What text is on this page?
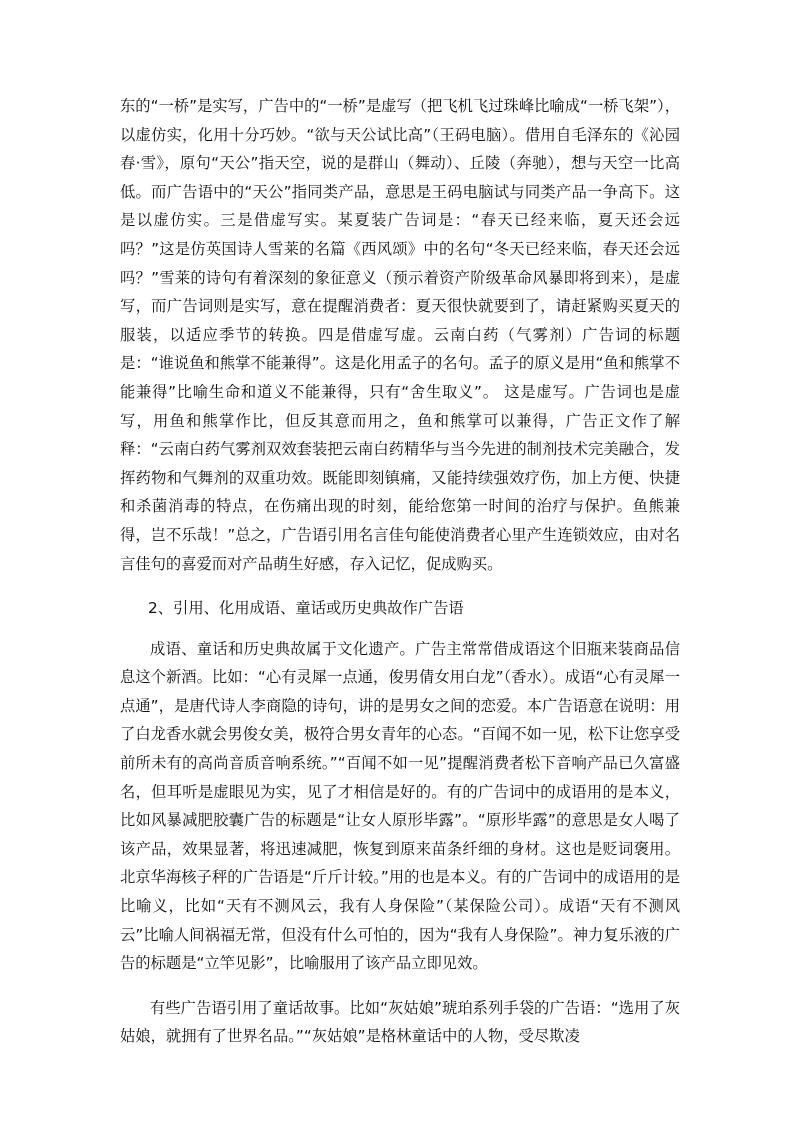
东的“一桥”是实写，广告中的“一桥”是虚写（把飞机飞过珠峰比喻成“一桥飞架”），以虚仿实，化用十分巧妙。“欲与天公试比高”（王码电脑）。借用自毛泽东的《沁园春·雪》，原句“天公”指天空，说的是群山（舞动）、丘陵（奔驰），想与天空一比高低。而广告语中的“天公”指同类产品，意思是王码电脑试与同类产品一争高下。这是以虚仿实。三是借虚写实。某夏装广告词是：“春天已经来临，夏天还会远吗？”这是仿英国诗人雪莱的名篇《西风颂》中的名句“冬天已经来临，春天还会远吗？”雪莱的诗句有着深刻的象征意义（预示着资产阶级革命风暴即将到来），是虚写，而广告词则是实写，意在提醒消费者：夏天很快就要到了，请赶紧购买夏天的服装，以适应季节的转换。四是借虚写虚。云南白药（气雾剂）广告词的标题是：“谁说鱼和熊掌不能兼得”。这是化用孟子的名句。孟子的原义是用“鱼和熊掌不能兼得”比喻生命和道义不能兼得，只有“舍生取义”。 这是虚写。广告词也是虚写，用鱼和熊掌作比，但反其意而用之，鱼和熊掌可以兼得，广告正文作了解释：“云南白药气雾剂双效套装把云南白药精华与当今先进的制剂技术完美融合，发挥药物和气舞剂的双重功效。既能即刻镇痛，又能持续强效疗伤，加上方便、快捷和杀菌消毒的特点，在伤痛出现的时刻，能给您第一时间的治疗与保护。鱼熊兼得，岂不乐哉！”总之，广告语引用名言佳句能使消费者心里产生连锁效应，由对名言佳句的喜爱而对产品萌生好感，存入记忆，促成购买。

2、引用、化用成语、童话或历史典故作广告语

成语、童话和历史典故属于文化遗产。广告主常常借成语这个旧瓶来装商品信息这个新酒。比如：“心有灵犀一点通，俊男倩女用白龙”（香水）。成语“心有灵犀一点通”，是唐代诗人李商隐的诗句，讲的是男女之间的恋爱。本广告语意在说明：用了白龙香水就会男俊女美，极符合男女青年的心态。“百闻不如一见，松下让您享受前所未有的高尚音质音响系统。”“百闻不如一见”提醒消费者松下音响产品已久富盛名，但耳听是虚眼见为实，见了才相信是好的。有的广告词中的成语用的是本义，比如风暴减肥胶囊广告的标题是“让女人原形毕露”。“原形毕露”的意思是女人喝了该产品，效果显著，将迅速减肥，恢复到原来苗条纤细的身材。这也是贬词褒用。北京华海核子秤的广告语是“斤斤计较。”用的也是本义。有的广告词中的成语用的是比喻义，比如“天有不测风云，我有人身保险”（某保险公司）。成语“天有不测风云”比喻人间祸福无常，但没有什么可怕的，因为“我有人身保险”。神力复乐液的广告的标题是“立竿见影”，比喻服用了该产品立即见效。

有些广告语引用了童话故事。比如“灰姑娘”琥珀系列手袋的广告语：“选用了灰姑娘，就拥有了世界名品。”“灰姑娘”是格林童话中的人物，受尽欺凌
